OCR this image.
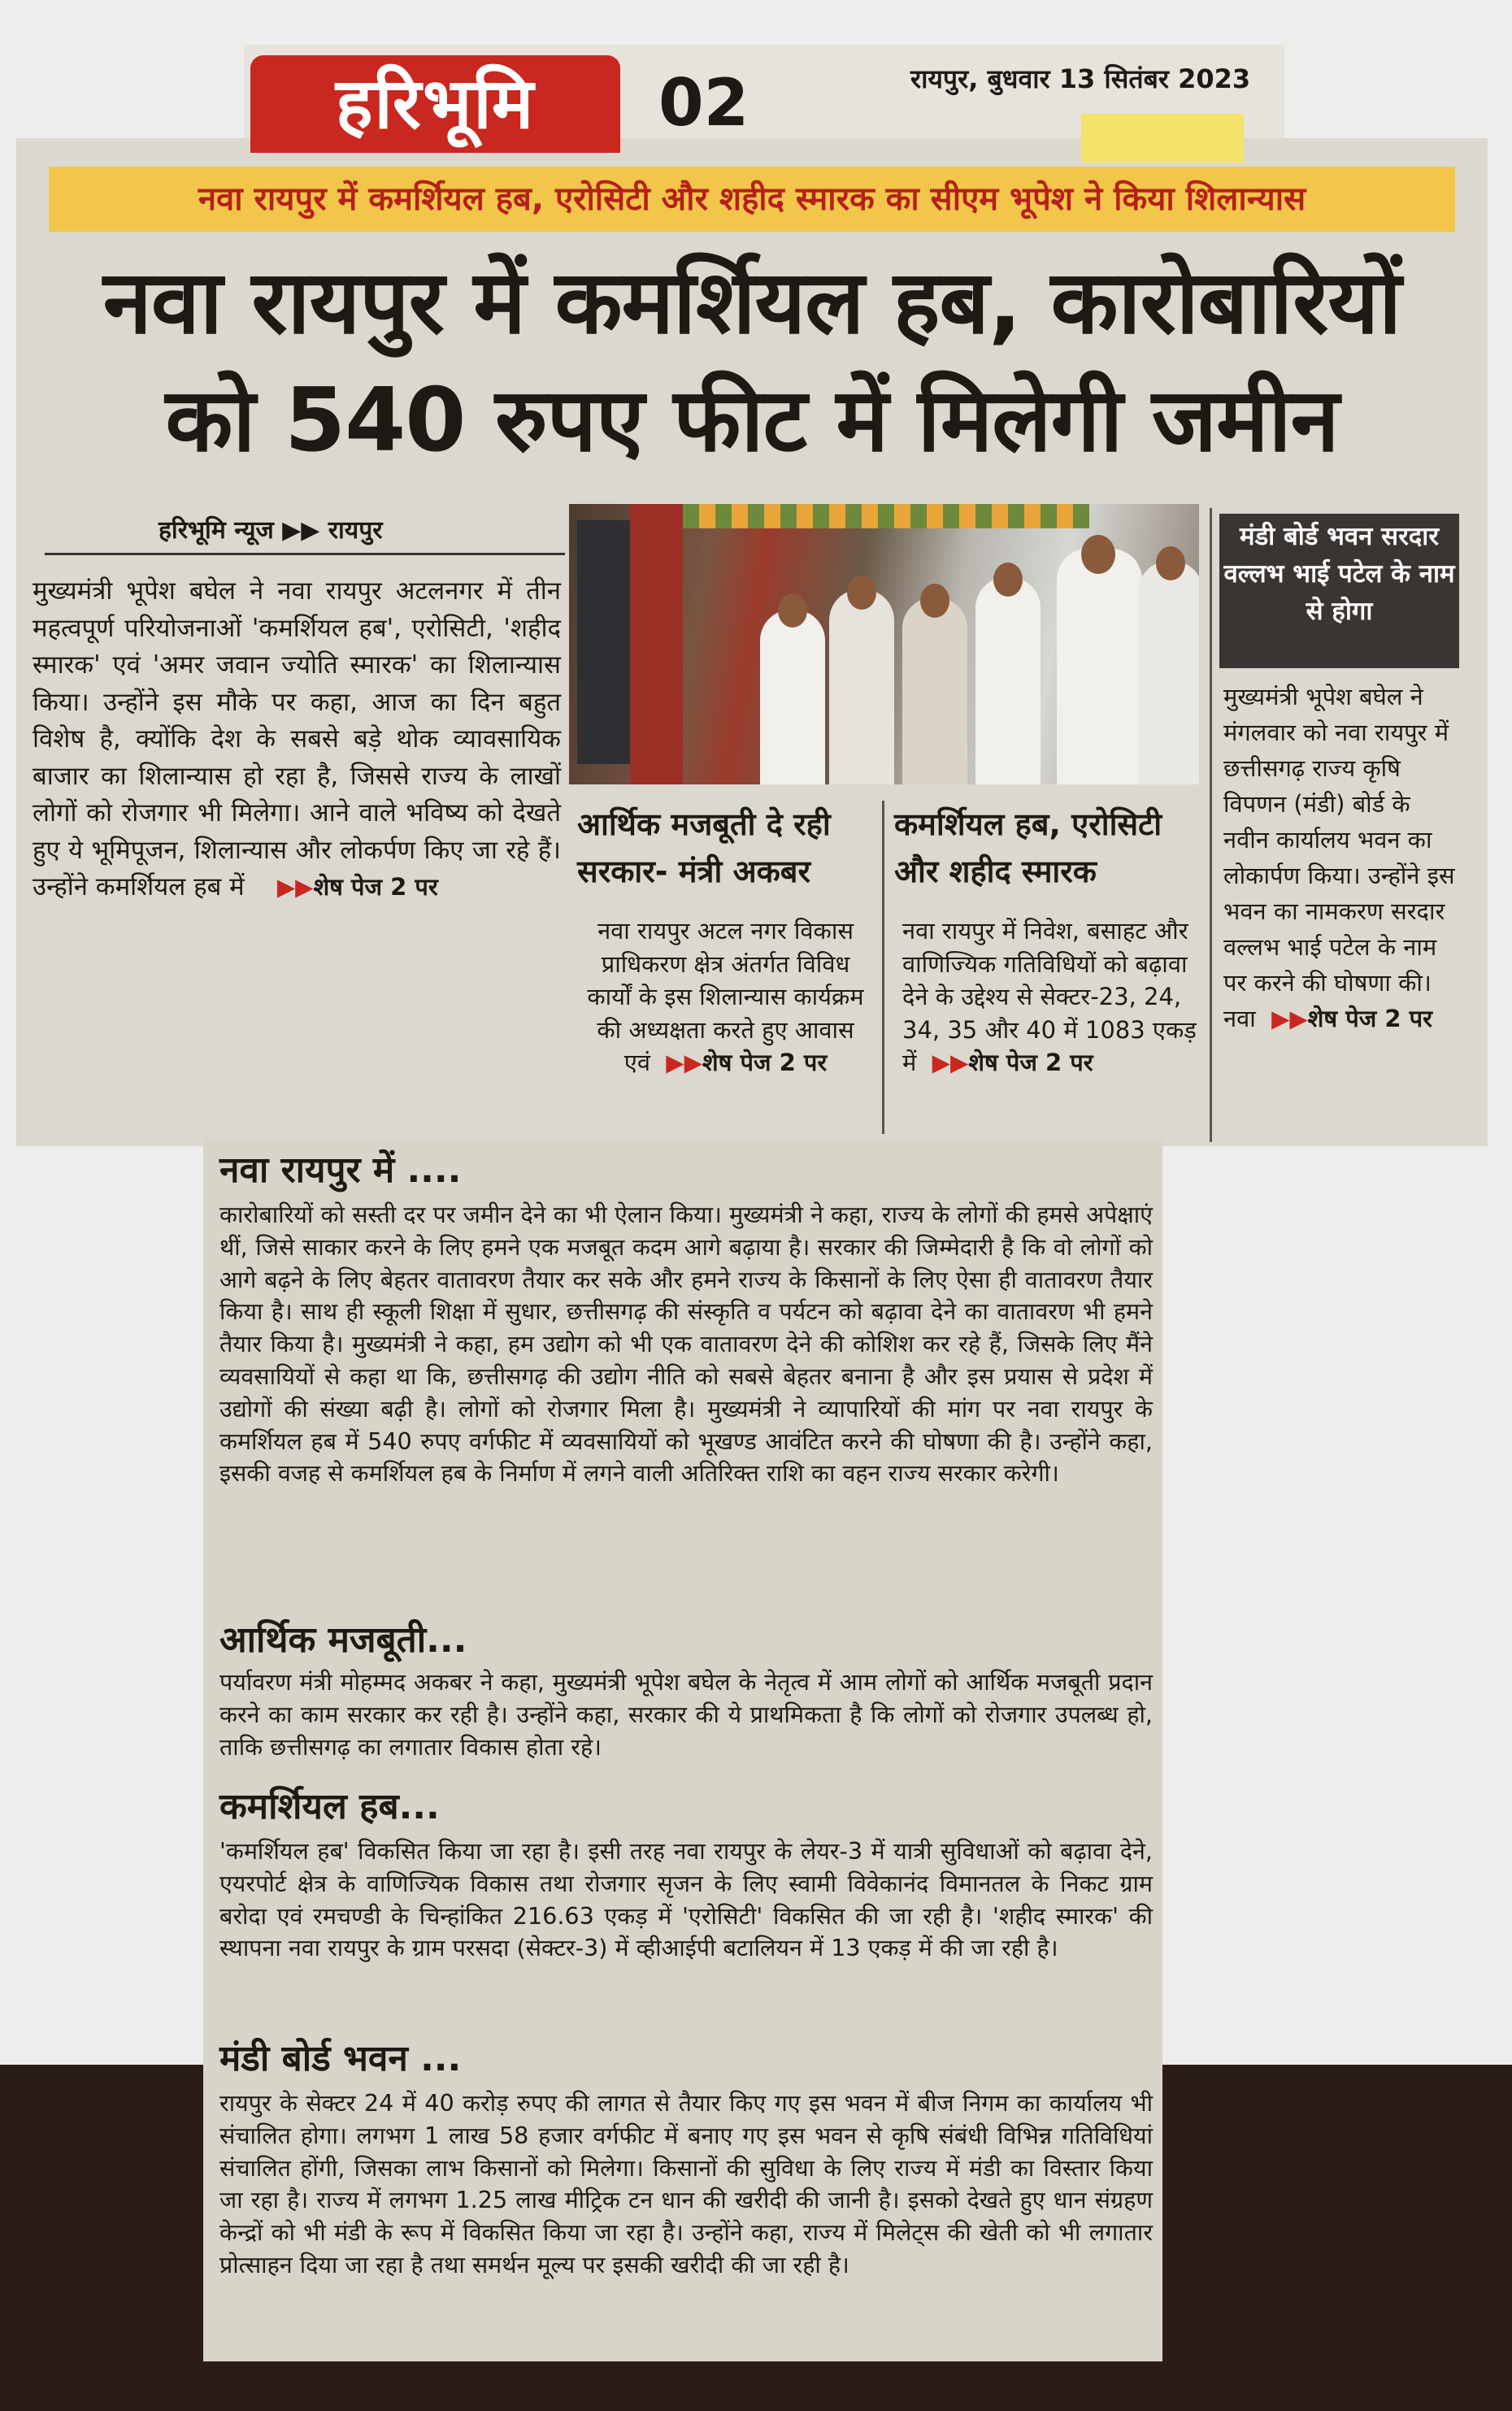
हरिभूमि	02	रायपुर, बुधवार 13 सितंबर 2023
नवा रायपुर में कमर्शियल हब, एरोसिटी और शहीद स्मारक का सीएम भूपेश ने किया शिलान्यास
नवा रायपुर में कमर्शियल हब, कारोबारियों
को 540 रुपए फीट में मिलेगी जमीन
हरिभूमि न्यूज ▶▶ रायपुर
मुख्यमंत्री भूपेश बघेल ने नवा रायपुर अटलनगर में तीन महत्वपूर्ण परियोजनाओं 'कमर्शियल हब', एरोसिटी, 'शहीद स्मारक' एवं 'अमर जवान ज्योति स्मारक' का शिलान्यास किया। उन्होंने इस मौके पर कहा, आज का दिन बहुत विशेष है, क्योंकि देश के सबसे बड़े थोक व्यावसायिक बाजार का शिलान्यास हो रहा है, जिससे राज्य के लाखों लोगों को रोजगार भी मिलेगा। आने वाले भविष्य को देखते हुए ये भूमिपूजन, शिलान्यास और लोकर्पण किए जा रहे हैं। उन्होंने कमर्शियल हब में ▶▶शेष पेज 2 पर
आर्थिक मजबूती दे रही सरकार- मंत्री अकबर
नवा रायपुर अटल नगर विकास प्राधिकरण क्षेत्र अंतर्गत विविध कार्यों के इस शिलान्यास कार्यक्रम की अध्यक्षता करते हुए आवास एवं ▶▶शेष पेज 2 पर
कमर्शियल हब, एरोसिटी और शहीद स्मारक
नवा रायपुर में निवेश, बसाहट और वाणिज्यिक गतिविधियों को बढ़ावा देने के उद्देश्य से सेक्टर-23, 24, 34, 35 और 40 में 1083 एकड़ में ▶▶शेष पेज 2 पर
मंडी बोर्ड भवन सरदार वल्लभ भाई पटेल के नाम से होगा
मुख्यमंत्री भूपेश बघेल ने मंगलवार को नवा रायपुर में छत्तीसगढ़ राज्य कृषि विपणन (मंडी) बोर्ड के नवीन कार्यालय भवन का लोकार्पण किया। उन्होंने इस भवन का नामकरण सरदार वल्लभ भाई पटेल के नाम पर करने की घोषणा की। नवा ▶▶शेष पेज 2 पर
नवा रायपुर में ....
कारोबारियों को सस्ती दर पर जमीन देने का भी ऐलान किया। मुख्यमंत्री ने कहा, राज्य के लोगों की हमसे अपेक्षाएं थीं, जिसे साकार करने के लिए हमने एक मजबूत कदम आगे बढ़ाया है। सरकार की जिम्मेदारी है कि वो लोगों को आगे बढ़ने के लिए बेहतर वातावरण तैयार कर सके और हमने राज्य के किसानों के लिए ऐसा ही वातावरण तैयार किया है। साथ ही स्कूली शिक्षा में सुधार, छत्तीसगढ़ की संस्कृति व पर्यटन को बढ़ावा देने का वातावरण भी हमने तैयार किया है। मुख्यमंत्री ने कहा, हम उद्योग को भी एक वातावरण देने की कोशिश कर रहे हैं, जिसके लिए मैंने व्यवसायियों से कहा था कि, छत्तीसगढ़ की उद्योग नीति को सबसे बेहतर बनाना है और इस प्रयास से प्रदेश में उद्योगों की संख्या बढ़ी है। लोगों को रोजगार मिला है। मुख्यमंत्री ने व्यापारियों की मांग पर नवा रायपुर के कमर्शियल हब में 540 रुपए वर्गफीट में व्यवसायियों को भूखण्ड आवंटित करने की घोषणा की है। उन्होंने कहा, इसकी वजह से कमर्शियल हब के निर्माण में लगने वाली अतिरिक्त राशि का वहन राज्य सरकार करेगी।
आर्थिक मजबूती...
पर्यावरण मंत्री मोहम्मद अकबर ने कहा, मुख्यमंत्री भूपेश बघेल के नेतृत्व में आम लोगों को आर्थिक मजबूती प्रदान करने का काम सरकार कर रही है। उन्होंने कहा, सरकार की ये प्राथमिकता है कि लोगों को रोजगार उपलब्ध हो, ताकि छत्तीसगढ़ का लगातार विकास होता रहे।
कमर्शियल हब...
'कमर्शियल हब' विकसित किया जा रहा है। इसी तरह नवा रायपुर के लेयर-3 में यात्री सुविधाओं को बढ़ावा देने, एयरपोर्ट क्षेत्र के वाणिज्यिक विकास तथा रोजगार सृजन के लिए स्वामी विवेकानंद विमानतल के निकट ग्राम बरोदा एवं रमचण्डी के चिन्हांकित 216.63 एकड़ में 'एरोसिटी' विकसित की जा रही है। 'शहीद स्मारक' की स्थापना नवा रायपुर के ग्राम परसदा (सेक्टर-3) में व्हीआईपी बटालियन में 13 एकड़ में की जा रही है।
मंडी बोर्ड भवन ...
रायपुर के सेक्टर 24 में 40 करोड़ रुपए की लागत से तैयार किए गए इस भवन में बीज निगम का कार्यालय भी संचालित होगा। लगभग 1 लाख 58 हजार वर्गफीट में बनाए गए इस भवन से कृषि संबंधी विभिन्न गतिविधियां संचालित होंगी, जिसका लाभ किसानों को मिलेगा। किसानों की सुविधा के लिए राज्य में मंडी का विस्तार किया जा रहा है। राज्य में लगभग 1.25 लाख मीट्रिक टन धान की खरीदी की जानी है। इसको देखते हुए धान संग्रहण केन्द्रों को भी मंडी के रूप में विकसित किया जा रहा है। उन्होंने कहा, राज्य में मिलेट्स की खेती को भी लगातार प्रोत्साहन दिया जा रहा है तथा समर्थन मूल्य पर इसकी खरीदी की जा रही है।
